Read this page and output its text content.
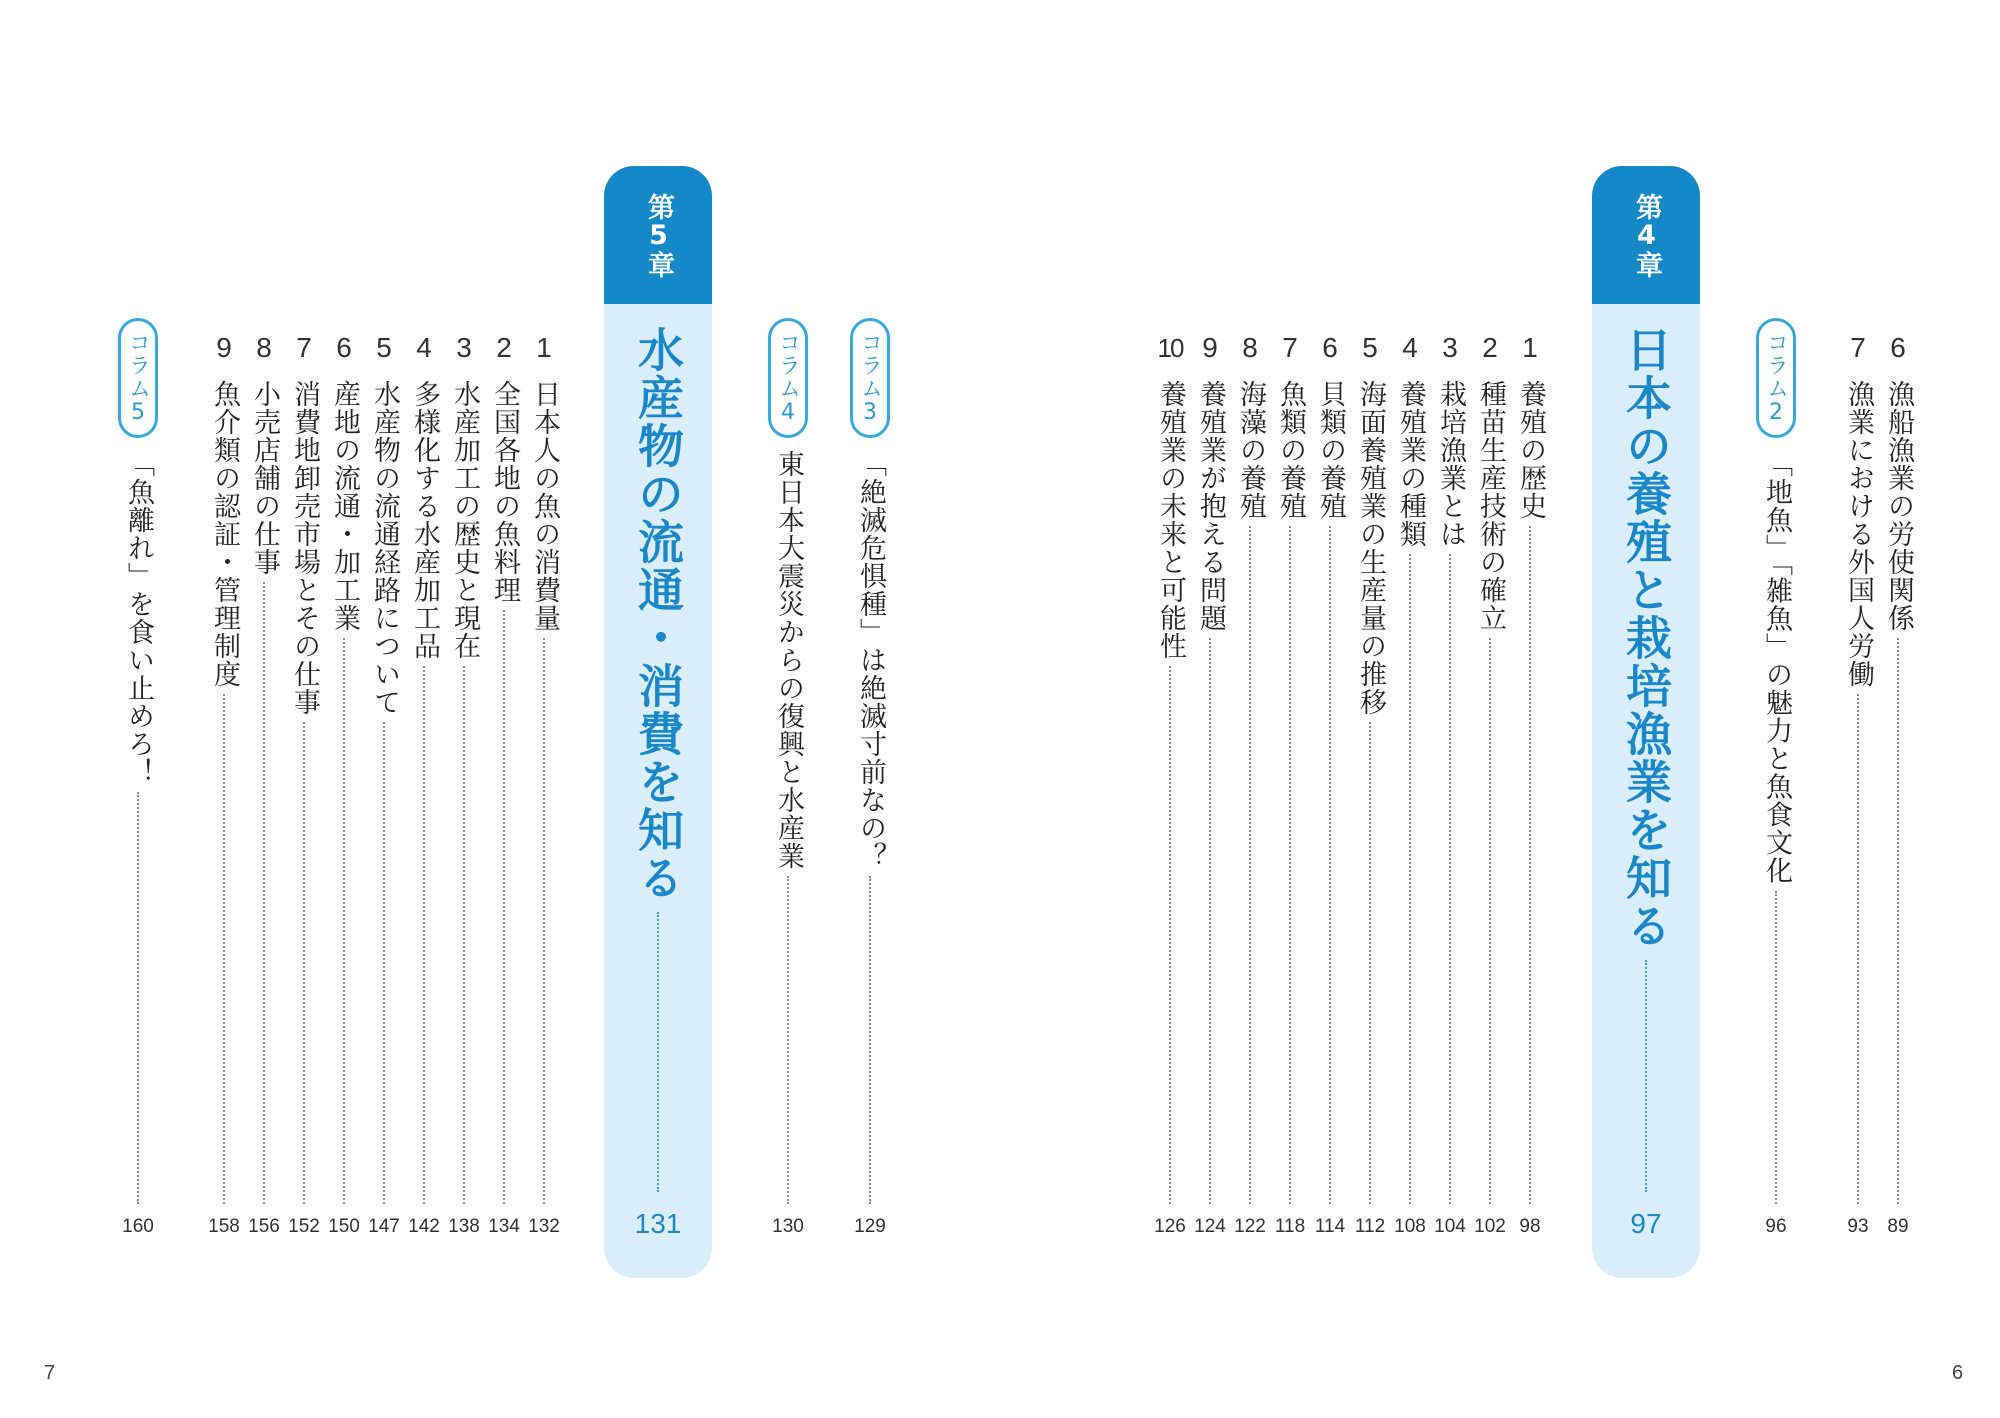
6
漁船漁業の労使関係
89
7
漁業における外国人労働
93
コラム2
「地魚」「雑魚」の魅力と魚食文化
96
第4章
日本の養殖と栽培漁業を知る
97
1
養殖の歴史
98
2
種苗生産技術の確立
102
3
栽培漁業とは
104
4
養殖業の種類
108
5
海面養殖業の生産量の推移
112
6
貝類の養殖
114
7
魚類の養殖
118
8
海藻の養殖
122
9
養殖業が抱える問題
124
10
養殖業の未来と可能性
126
6
コラム3
「絶滅危惧種」は絶滅寸前なの？
129
コラム4
東日本大震災からの復興と水産業
130
第5章
水産物の流通・消費を知る
131
1
日本人の魚の消費量
132
2
全国各地の魚料理
134
3
水産加工の歴史と現在
138
4
多様化する水産加工品
142
5
水産物の流通経路について
147
6
産地の流通・加工業
150
7
消費地卸売市場とその仕事
152
8
小売店舗の仕事
156
9
魚介類の認証・管理制度
158
コラム5
「魚離れ」を食い止めろ！
160
7
